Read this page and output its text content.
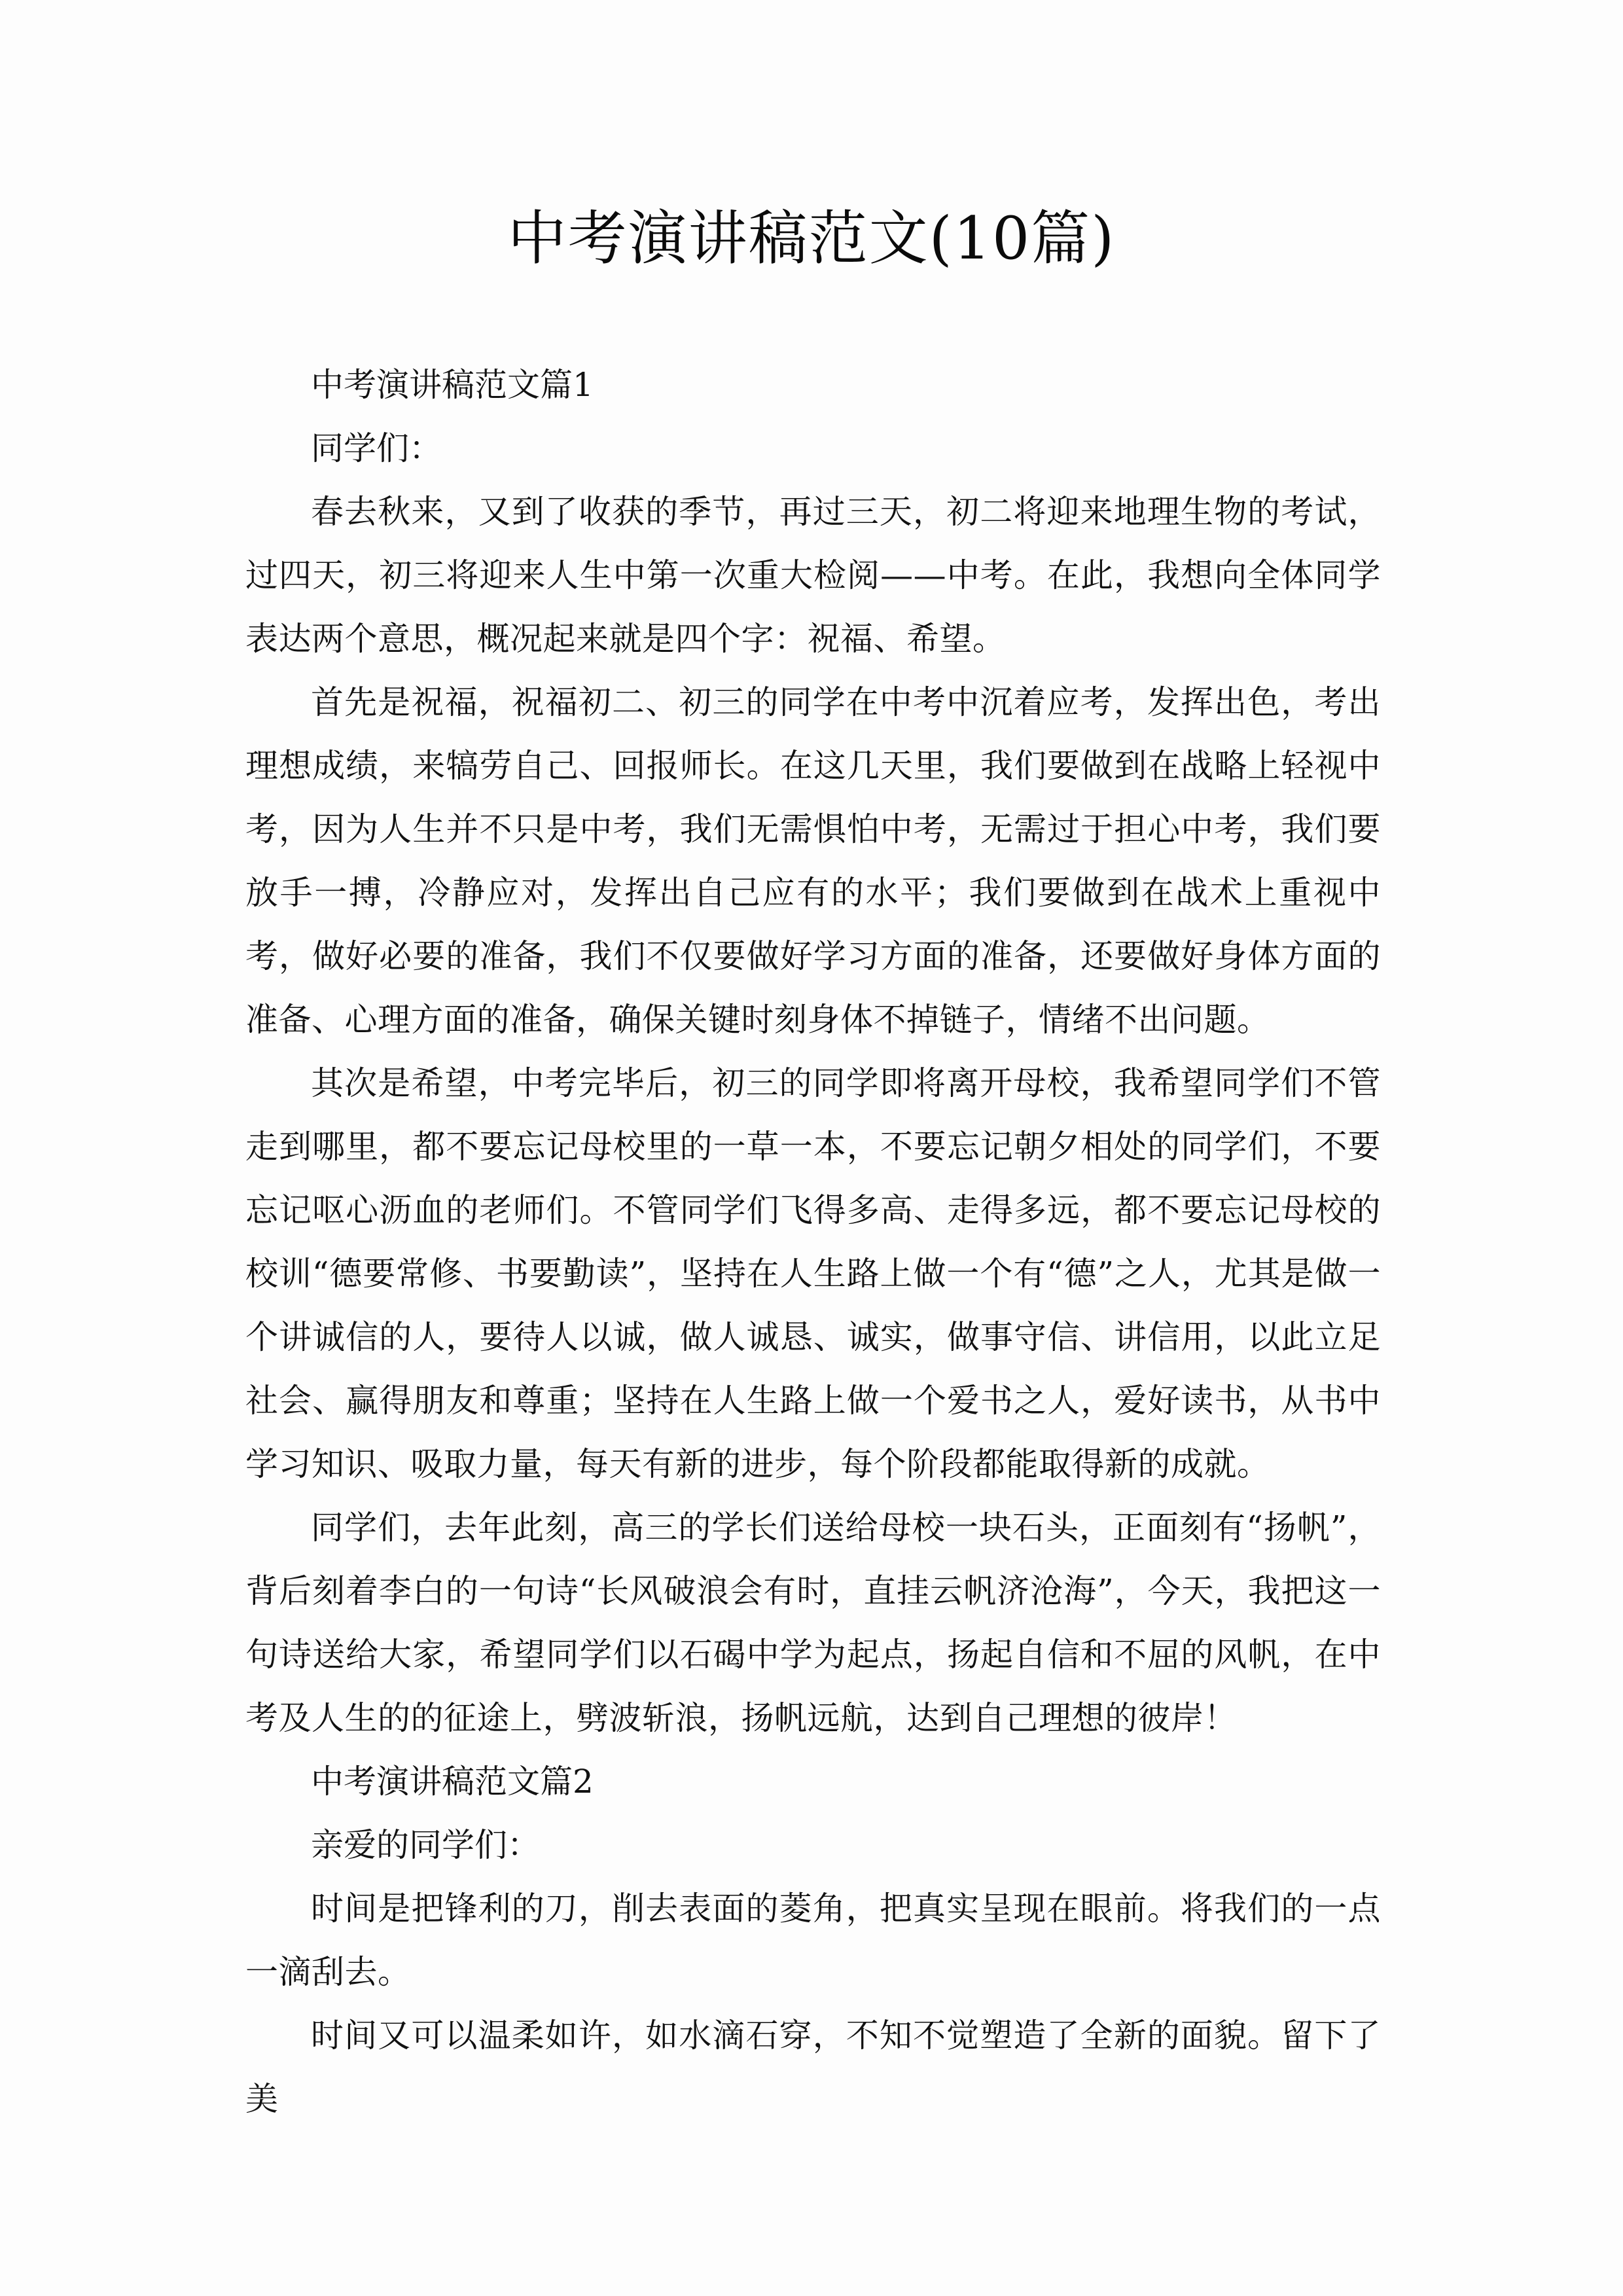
中考演讲稿范文(10篇)

中考演讲稿范文篇1

同学们：

春去秋来，又到了收获的季节，再过三天，初二将迎来地理生物的考试，过四天，初三将迎来人生中第一次重大检阅——中考。在此，我想向全体同学表达两个意思，概况起来就是四个字：祝福、希望。

首先是祝福，祝福初二、初三的同学在中考中沉着应考，发挥出色，考出理想成绩，来犒劳自己、回报师长。在这几天里，我们要做到在战略上轻视中考，因为人生并不只是中考，我们无需惧怕中考，无需过于担心中考，我们要放手一搏，冷静应对，发挥出自己应有的水平；我们要做到在战术上重视中考，做好必要的准备，我们不仅要做好学习方面的准备，还要做好身体方面的准备、心理方面的准备，确保关键时刻身体不掉链子，情绪不出问题。

其次是希望，中考完毕后，初三的同学即将离开母校，我希望同学们不管走到哪里，都不要忘记母校里的一草一本，不要忘记朝夕相处的同学们，不要忘记呕心沥血的老师们。不管同学们飞得多高、走得多远，都不要忘记母校的校训“德要常修、书要勤读”，坚持在人生路上做一个有“德”之人，尤其是做一个讲诚信的人，要待人以诚，做人诚恳、诚实，做事守信、讲信用，以此立足社会、赢得朋友和尊重；坚持在人生路上做一个爱书之人，爱好读书，从书中学习知识、吸取力量，每天有新的进步，每个阶段都能取得新的成就。

同学们，去年此刻，高三的学长们送给母校一块石头，正面刻有“扬帆”，背后刻着李白的一句诗“长风破浪会有时，直挂云帆济沧海”，今天，我把这一句诗送给大家，希望同学们以石碣中学为起点，扬起自信和不屈的风帆，在中考及人生的的征途上，劈波斩浪，扬帆远航，达到自己理想的彼岸！

中考演讲稿范文篇2

亲爱的同学们：

时间是把锋利的刀，削去表面的菱角，把真实呈现在眼前。将我们的一点一滴刮去。

时间又可以温柔如许，如水滴石穿，不知不觉塑造了全新的面貌。留下了美
